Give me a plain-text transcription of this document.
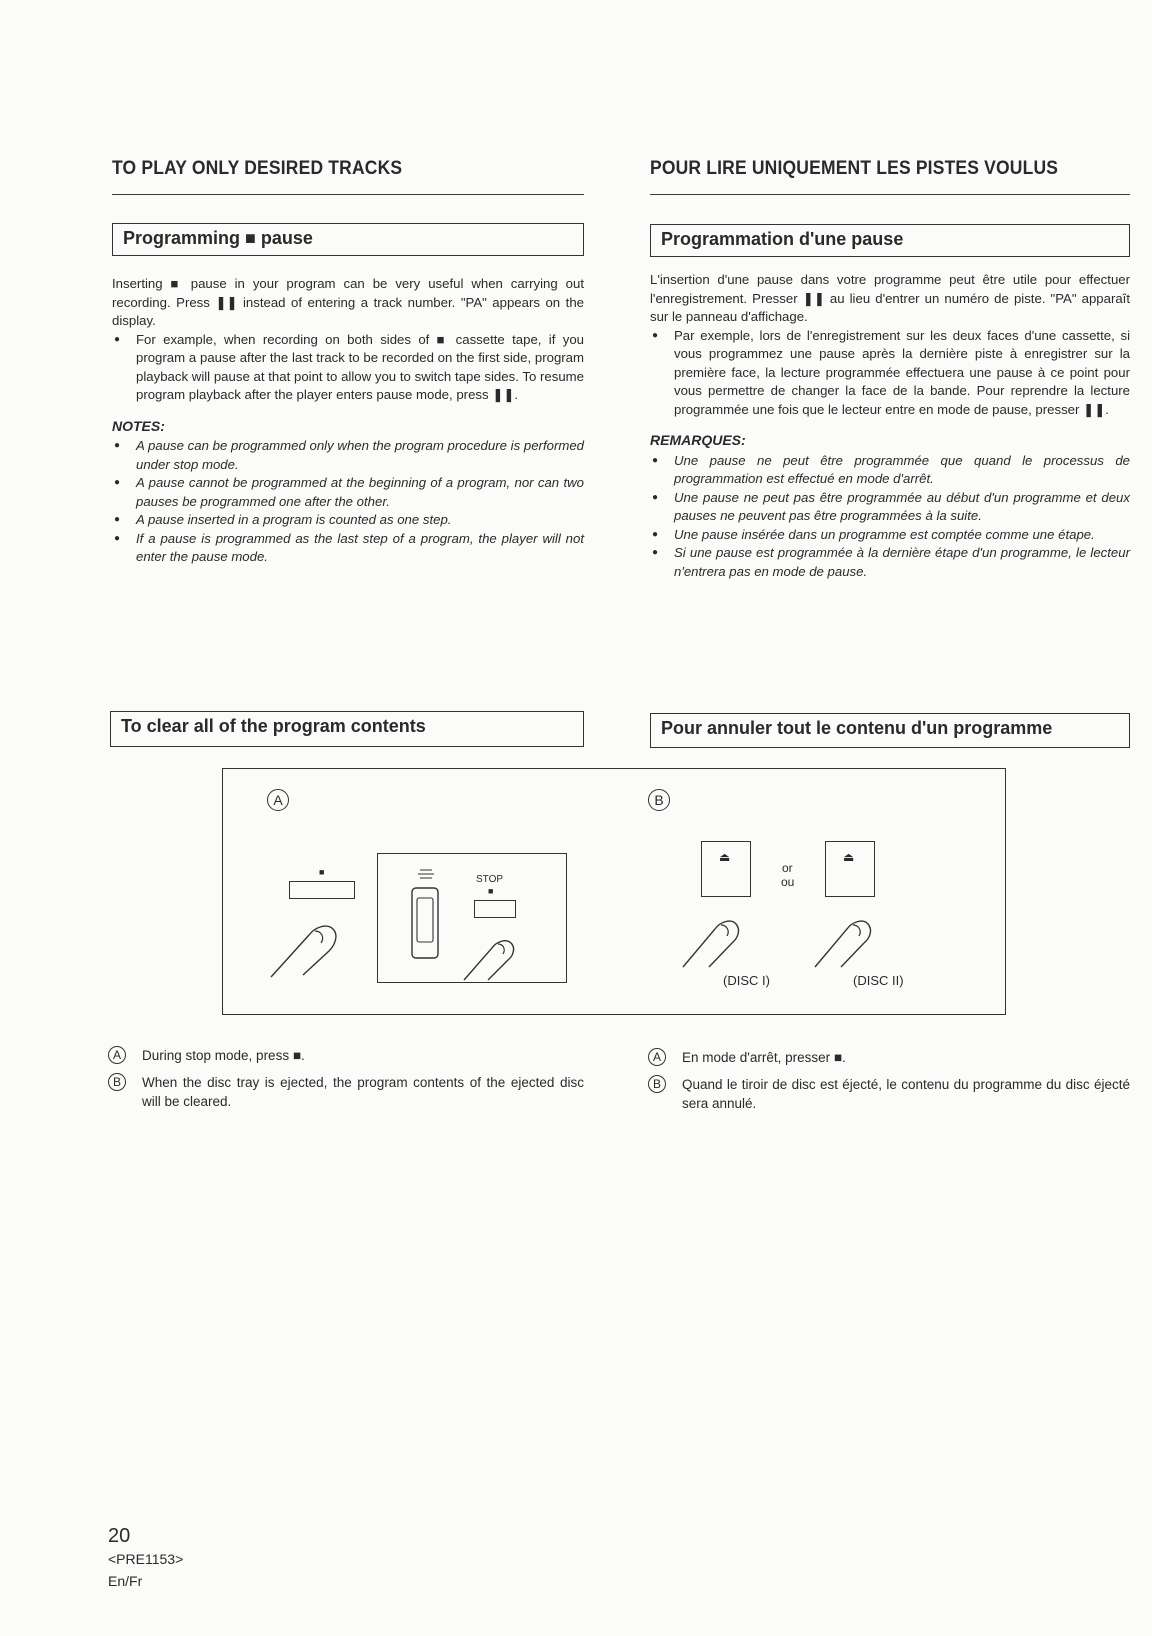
TO PLAY ONLY DESIRED TRACKS
Programming ■ pause
Inserting ■ pause in your program can be very useful when carrying out recording. Press ❚❚ instead of entering a track number. "PA" appears on the display.
● For example, when recording on both sides of ■ cassette tape, if you program a pause after the last track to be recorded on the first side, program playback will pause at that point to allow you to switch tape sides. To resume program playback after the player enters pause mode, press ❚❚.
NOTES:
● A pause can be programmed only when the program procedure is performed under stop mode.
● A pause cannot be programmed at the beginning of a program, nor can two pauses be programmed one after the other.
● A pause inserted in a program is counted as one step.
● If a pause is programmed as the last step of a program, the player will not enter the pause mode.
To clear all of the program contents
POUR LIRE UNIQUEMENT LES PISTES VOULUS
Programmation d'une pause
L'insertion d'une pause dans votre programme peut être utile pour effectuer l'enregistrement. Presser ❚❚ au lieu d'entrer un numéro de piste. "PA" apparaît sur le panneau d'affichage.
● Par exemple, lors de l'enregistrement sur les deux faces d'une cassette, si vous programmez une pause après la dernière piste à enregistrer sur la première face, la lecture programmée effectuera une pause à ce point pour vous permettre de changer la face de la bande. Pour reprendre la lecture programmée une fois que le lecteur entre en mode de pause, presser ❚❚.
REMARQUES:
● Une pause ne peut être programmée que quand le processus de programmation est effectué en mode d'arrêt.
● Une pause ne peut pas être programmée au début d'un programme et deux pauses ne peuvent pas être programmées à la suite.
● Une pause insérée dans un programme est comptée comme une étape.
● Si une pause est programmée à la dernière étape d'un programme, le lecteur n'entrera pas en mode de pause.
Pour annuler tout le contenu d'un programme
A	B
■
STOP
■
⏏
or
ou
⏏
(DISC I)	(DISC II)
A	During stop mode, press ■.
B	When the disc tray is ejected, the program contents of the ejected disc will be cleared.
A	En mode d'arrêt, presser ■.
B	Quand le tiroir de disc est éjecté, le contenu du programme du disc éjecté sera annulé.
20
<PRE1153>
En/Fr
